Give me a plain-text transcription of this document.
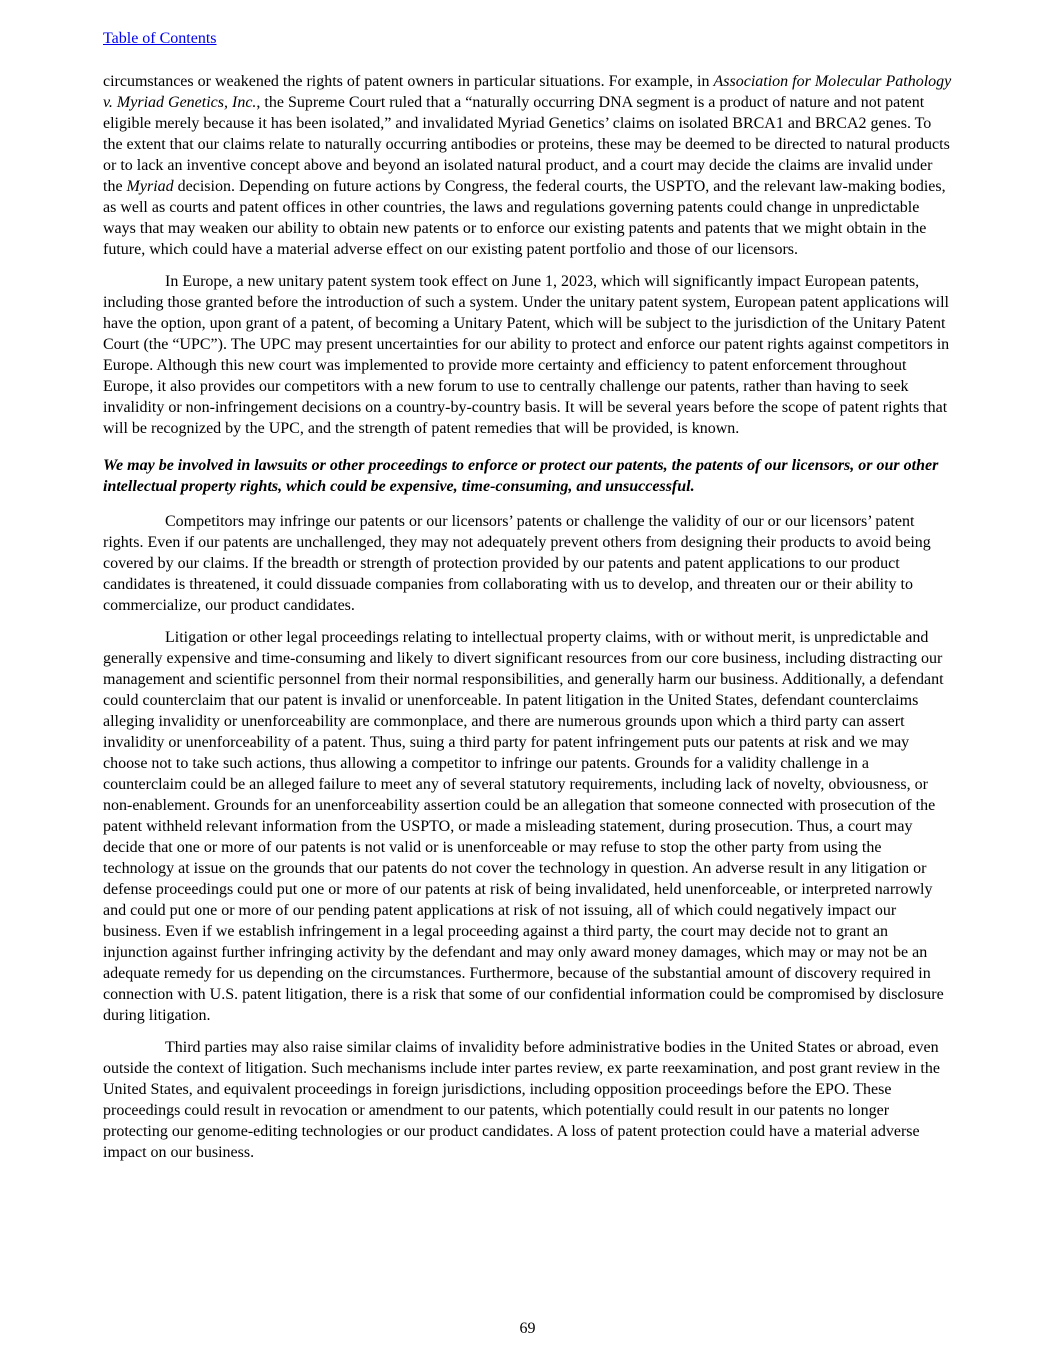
Table of Contents

circumstances or weakened the rights of patent owners in particular situations. For example, in Association for Molecular Pathology v. Myriad Genetics, Inc., the Supreme Court ruled that a “naturally occurring DNA segment is a product of nature and not patent eligible merely because it has been isolated,” and invalidated Myriad Genetics’ claims on isolated BRCA1 and BRCA2 genes. To the extent that our claims relate to naturally occurring antibodies or proteins, these may be deemed to be directed to natural products or to lack an inventive concept above and beyond an isolated natural product, and a court may decide the claims are invalid under the Myriad decision. Depending on future actions by Congress, the federal courts, the USPTO, and the relevant law-making bodies, as well as courts and patent offices in other countries, the laws and regulations governing patents could change in unpredictable ways that may weaken our ability to obtain new patents or to enforce our existing patents and patents that we might obtain in the future, which could have a material adverse effect on our existing patent portfolio and those of our licensors.

In Europe, a new unitary patent system took effect on June 1, 2023, which will significantly impact European patents, including those granted before the introduction of such a system. Under the unitary patent system, European patent applications will have the option, upon grant of a patent, of becoming a Unitary Patent, which will be subject to the jurisdiction of the Unitary Patent Court (the “UPC”). The UPC may present uncertainties for our ability to protect and enforce our patent rights against competitors in Europe. Although this new court was implemented to provide more certainty and efficiency to patent enforcement throughout Europe, it also provides our competitors with a new forum to use to centrally challenge our patents, rather than having to seek invalidity or non-infringement decisions on a country-by-country basis. It will be several years before the scope of patent rights that will be recognized by the UPC, and the strength of patent remedies that will be provided, is known.

We may be involved in lawsuits or other proceedings to enforce or protect our patents, the patents of our licensors, or our other intellectual property rights, which could be expensive, time-consuming, and unsuccessful.

Competitors may infringe our patents or our licensors’ patents or challenge the validity of our or our licensors’ patent rights. Even if our patents are unchallenged, they may not adequately prevent others from designing their products to avoid being covered by our claims. If the breadth or strength of protection provided by our patents and patent applications to our product candidates is threatened, it could dissuade companies from collaborating with us to develop, and threaten our or their ability to commercialize, our product candidates.

Litigation or other legal proceedings relating to intellectual property claims, with or without merit, is unpredictable and generally expensive and time-consuming and likely to divert significant resources from our core business, including distracting our management and scientific personnel from their normal responsibilities, and generally harm our business. Additionally, a defendant could counterclaim that our patent is invalid or unenforceable. In patent litigation in the United States, defendant counterclaims alleging invalidity or unenforceability are commonplace, and there are numerous grounds upon which a third party can assert invalidity or unenforceability of a patent. Thus, suing a third party for patent infringement puts our patents at risk and we may choose not to take such actions, thus allowing a competitor to infringe our patents. Grounds for a validity challenge in a counterclaim could be an alleged failure to meet any of several statutory requirements, including lack of novelty, obviousness, or non-enablement. Grounds for an unenforceability assertion could be an allegation that someone connected with prosecution of the patent withheld relevant information from the USPTO, or made a misleading statement, during prosecution. Thus, a court may decide that one or more of our patents is not valid or is unenforceable or may refuse to stop the other party from using the technology at issue on the grounds that our patents do not cover the technology in question. An adverse result in any litigation or defense proceedings could put one or more of our patents at risk of being invalidated, held unenforceable, or interpreted narrowly and could put one or more of our pending patent applications at risk of not issuing, all of which could negatively impact our business. Even if we establish infringement in a legal proceeding against a third party, the court may decide not to grant an injunction against further infringing activity by the defendant and may only award money damages, which may or may not be an adequate remedy for us depending on the circumstances. Furthermore, because of the substantial amount of discovery required in connection with U.S. patent litigation, there is a risk that some of our confidential information could be compromised by disclosure during litigation.

Third parties may also raise similar claims of invalidity before administrative bodies in the United States or abroad, even outside the context of litigation. Such mechanisms include inter partes review, ex parte reexamination, and post grant review in the United States, and equivalent proceedings in foreign jurisdictions, including opposition proceedings before the EPO. These proceedings could result in revocation or amendment to our patents, which potentially could result in our patents no longer protecting our genome-editing technologies or our product candidates. A loss of patent protection could have a material adverse impact on our business.

69
